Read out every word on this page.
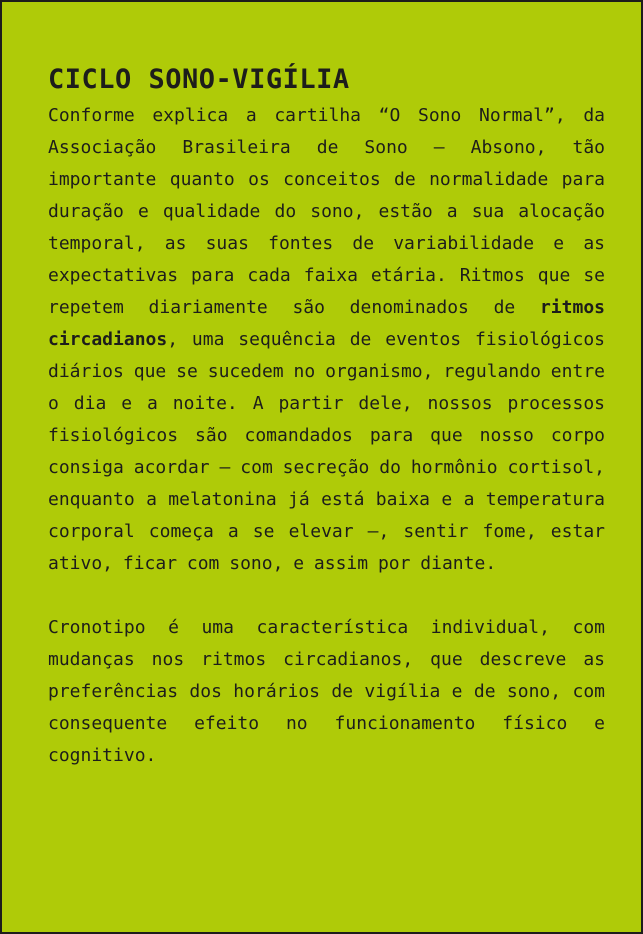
CICLO SONO-VIGÍLIA

Conforme explica a cartilha “O Sono Normal”, da Associação Brasileira de Sono – Absono, tão importante quanto os conceitos de normalidade para duração e qualidade do sono, estão a sua alocação temporal, as suas fontes de variabilidade e as expectativas para cada faixa etária. Ritmos que se repetem diariamente são denominados de ritmos circadianos, uma sequência de eventos fisiológicos diários que se sucedem no organismo, regulando entre o dia e a noite. A partir dele, nossos processos fisiológicos são comandados para que nosso corpo consiga acordar – com secreção do hormônio cortisol, enquanto a melatonina já está baixa e a temperatura corporal começa a se elevar –, sentir fome, estar ativo, ficar com sono, e assim por diante.

Cronotipo é uma característica individual, com mudanças nos ritmos circadianos, que descreve as preferências dos horários de vigília e de sono, com consequente efeito no funcionamento físico e cognitivo.
